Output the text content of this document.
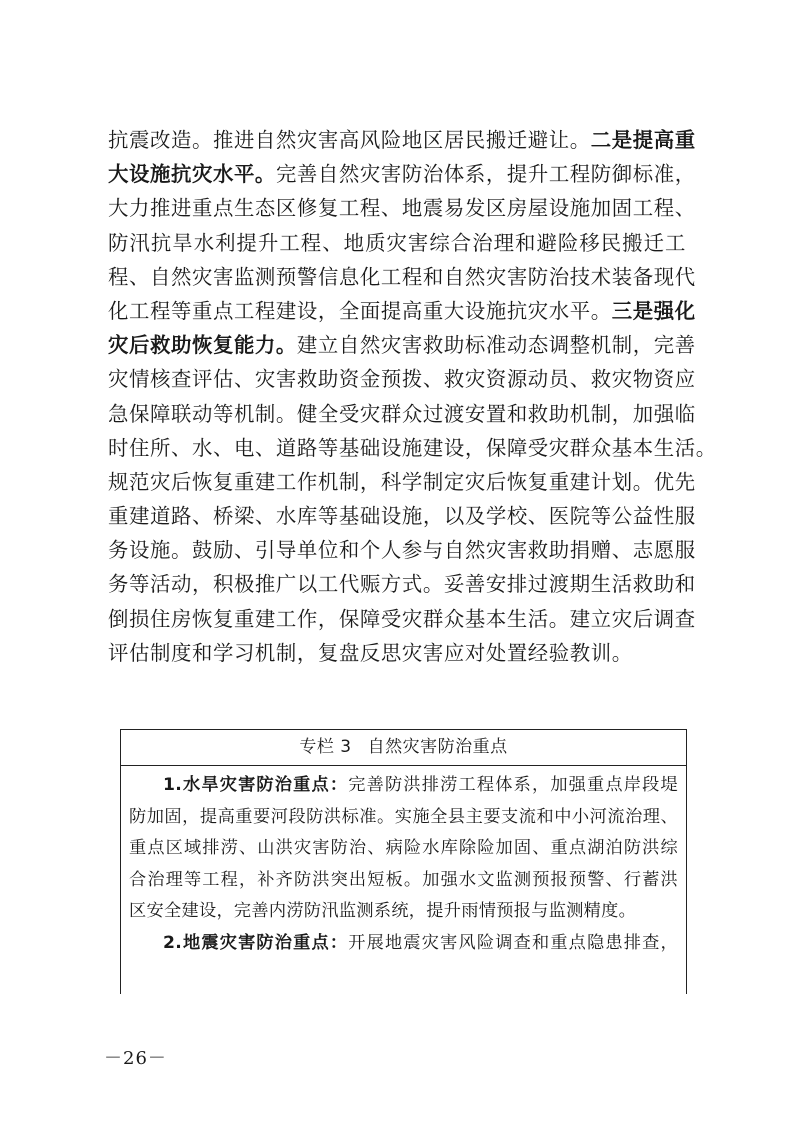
抗震改造。推进自然灾害高风险地区居民搬迁避让。二是提高重
大设施抗灾水平。完善自然灾害防治体系，提升工程防御标准，
大力推进重点生态区修复工程、地震易发区房屋设施加固工程、
防汛抗旱水利提升工程、地质灾害综合治理和避险移民搬迁工
程、自然灾害监测预警信息化工程和自然灾害防治技术装备现代
化工程等重点工程建设，全面提高重大设施抗灾水平。三是强化
灾后救助恢复能力。建立自然灾害救助标准动态调整机制，完善
灾情核查评估、灾害救助资金预拨、救灾资源动员、救灾物资应
急保障联动等机制。健全受灾群众过渡安置和救助机制，加强临
时住所、水、电、道路等基础设施建设，保障受灾群众基本生活。
规范灾后恢复重建工作机制，科学制定灾后恢复重建计划。优先
重建道路、桥梁、水库等基础设施，以及学校、医院等公益性服
务设施。鼓励、引导单位和个人参与自然灾害救助捐赠、志愿服
务等活动，积极推广以工代赈方式。妥善安排过渡期生活救助和
倒损住房恢复重建工作，保障受灾群众基本生活。建立灾后调查
评估制度和学习机制，复盘反思灾害应对处置经验教训。
专栏 3 自然灾害防治重点
1.水旱灾害防治重点：完善防洪排涝工程体系，加强重点岸段堤
防加固，提高重要河段防洪标准。实施全县主要支流和中小河流治理、
重点区域排涝、山洪灾害防治、病险水库除险加固、重点湖泊防洪综
合治理等工程，补齐防洪突出短板。加强水文监测预报预警、行蓄洪
区安全建设，完善内涝防汛监测系统，提升雨情预报与监测精度。
2.地震灾害防治重点：开展地震灾害风险调查和重点隐患排查，
－26－
